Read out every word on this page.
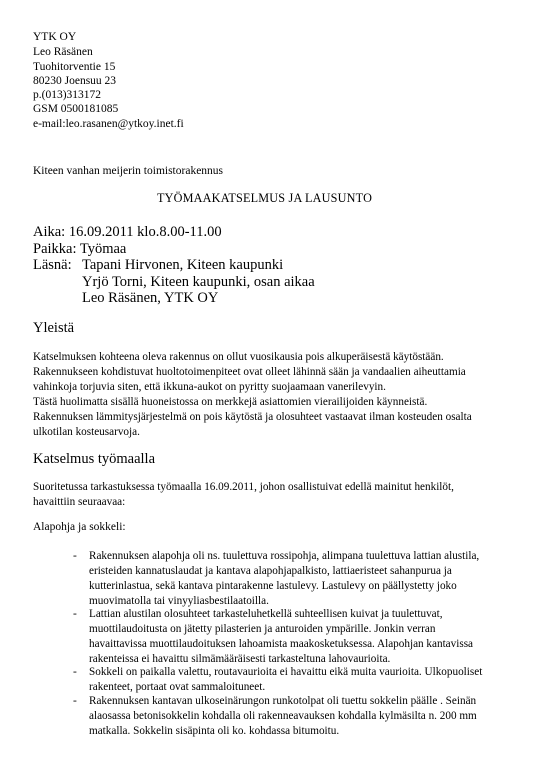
YTK OY
Leo Räsänen
Tuohitorventie 15
80230 Joensuu 23
p.(013)313172
GSM 0500181085
e-mail:leo.rasanen@ytkoy.inet.fi
Kiteen vanhan meijerin toimistorakennus
TYÖMAAKATSELMUS JA LAUSUNTO
Aika: 16.09.2011 klo.8.00-11.00
Paikka: Työmaa
Läsnä: Tapani Hirvonen, Kiteen kaupunki
Yrjö Torni, Kiteen kaupunki, osan aikaa
Leo Räsänen, YTK OY
Yleistä
Katselmuksen kohteena oleva rakennus on ollut vuosikausia pois alkuperäisestä käytöstään.
Rakennukseen kohdistuvat huoltotoimenpiteet ovat olleet lähinnä sään ja vandaalien aiheuttamia
vahinkoja torjuvia siten, että ikkuna-aukot on pyritty suojaamaan vanerilevyin.
Tästä huolimatta sisällä huoneistossa on merkkejä asiattomien vierailijoiden käynneistä.
Rakennuksen lämmitysjärjestelmä on pois käytöstä ja olosuhteet vastaavat ilman kosteuden osalta
ulkotilan kosteusarvoja.
Katselmus työmaalla
Suoritetussa tarkastuksessa työmaalla 16.09.2011, johon osallistuivat edellä mainitut henkilöt,
havaittiin seuraavaa:
Alapohja ja sokkeli:
- Rakennuksen alapohja oli ns. tuulettuva rossipohja, alimpana tuulettuva lattian alustila,
eristeiden kannatuslaudat ja kantava alapohjapalkisto, lattiaeristeet sahanpurua ja
kutterinlastua, sekä kantava pintarakenne lastulevy. Lastulevy on päällystetty joko
muovimatolla tai vinyyliasbestilaatoilla.
- Lattian alustilan olosuhteet tarkasteluhetkellä suhteellisen kuivat ja tuulettuvat,
muottilaudoitusta on jätetty pilasterien ja anturoiden ympärille. Jonkin verran
havaittavissa muottilaudoituksen lahoamista maakosketuksessa. Alapohjan kantavissa
rakenteissa ei havaittu silmämääräisesti tarkasteltuna lahovaurioita.
- Sokkeli on paikalla valettu, routavaurioita ei havaittu eikä muita vaurioita. Ulkopuoliset
rakenteet, portaat ovat sammaloituneet.
- Rakennuksen kantavan ulkoseinärungon runkotolpat oli tuettu sokkelin päälle . Seinän
alaosassa betonisokkelin kohdalla oli rakenneavauksen kohdalla kylmäsilta n. 200 mm
matkalla. Sokkelin sisäpinta oli ko. kohdassa bitumoitu.
